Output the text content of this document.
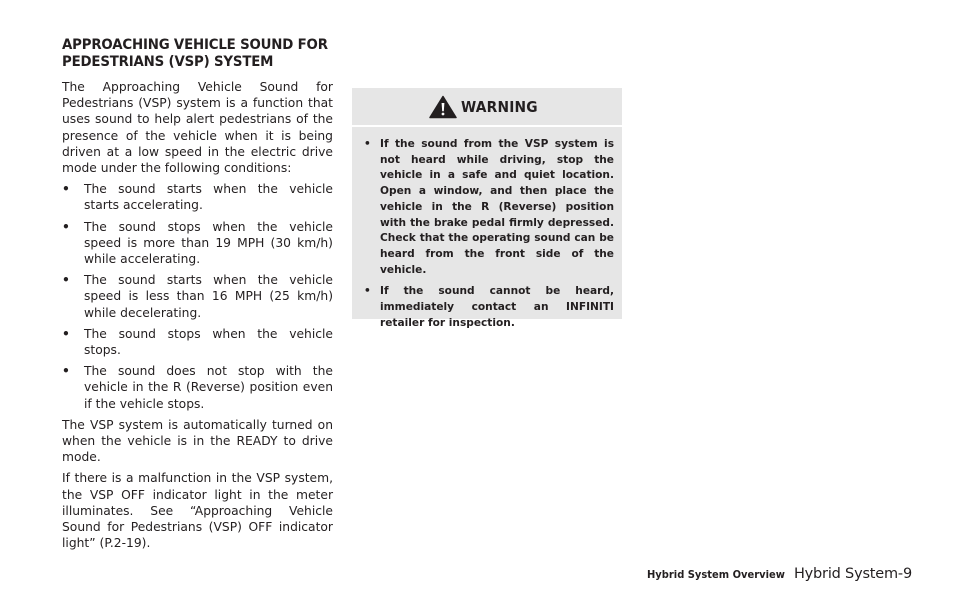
APPROACHING VEHICLE SOUND FOR
PEDESTRIANS (VSP) SYSTEM

The Approaching Vehicle Sound for Pedestrians (VSP) system is a function that uses sound to help alert pedestrians of the presence of the vehicle when it is being driven at a low speed in the electric drive mode under the following conditions:

• The sound starts when the vehicle starts accelerating.
• The sound stops when the vehicle speed is more than 19 MPH (30 km/h) while accelerating.
• The sound starts when the vehicle speed is less than 16 MPH (25 km/h) while decelerating.
• The sound stops when the vehicle stops.
• The sound does not stop with the vehicle in the R (Reverse) position even if the vehicle stops.

The VSP system is automatically turned on when the vehicle is in the READY to drive mode.

If there is a malfunction in the VSP system, the VSP OFF indicator light in the meter illuminates. See “Approaching Vehicle Sound for Pedestrians (VSP) OFF indicator light” (P.2-19).

WARNING
• If the sound from the VSP system is not heard while driving, stop the vehicle in a safe and quiet location. Open a window, and then place the vehicle in the R (Reverse) position with the brake pedal firmly depressed. Check that the operating sound can be heard from the front side of the vehicle.
• If the sound cannot be heard, immediately contact an INFINITI retailer for inspection.
Hybrid System Overview Hybrid System-9
